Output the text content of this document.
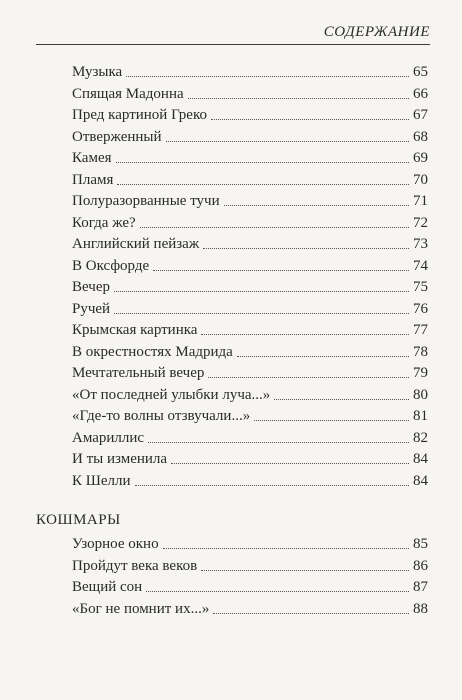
СОДЕРЖАНИЕ
КОШМАРЫ
Музыка	65
Спящая Мадонна	66
Пред картиной Греко	67
Отверженный	68
Камея	69
Пламя	70
Полуразорванные тучи	71
Когда же?	72
Английский пейзаж	73
В Оксфорде	74
Вечер	75
Ручей	76
Крымская картинка	77
В окрестностях Мадрида	78
Мечтательный вечер	79
«От последней улыбки луча...»	80
«Где-то волны отзвучали...»	81
Амариллис	82
И ты изменила	84
К Шелли	84
Узорное окно	85
Пройдут века веков	86
Вещий сон	87
«Бог не помнит их...»	88
